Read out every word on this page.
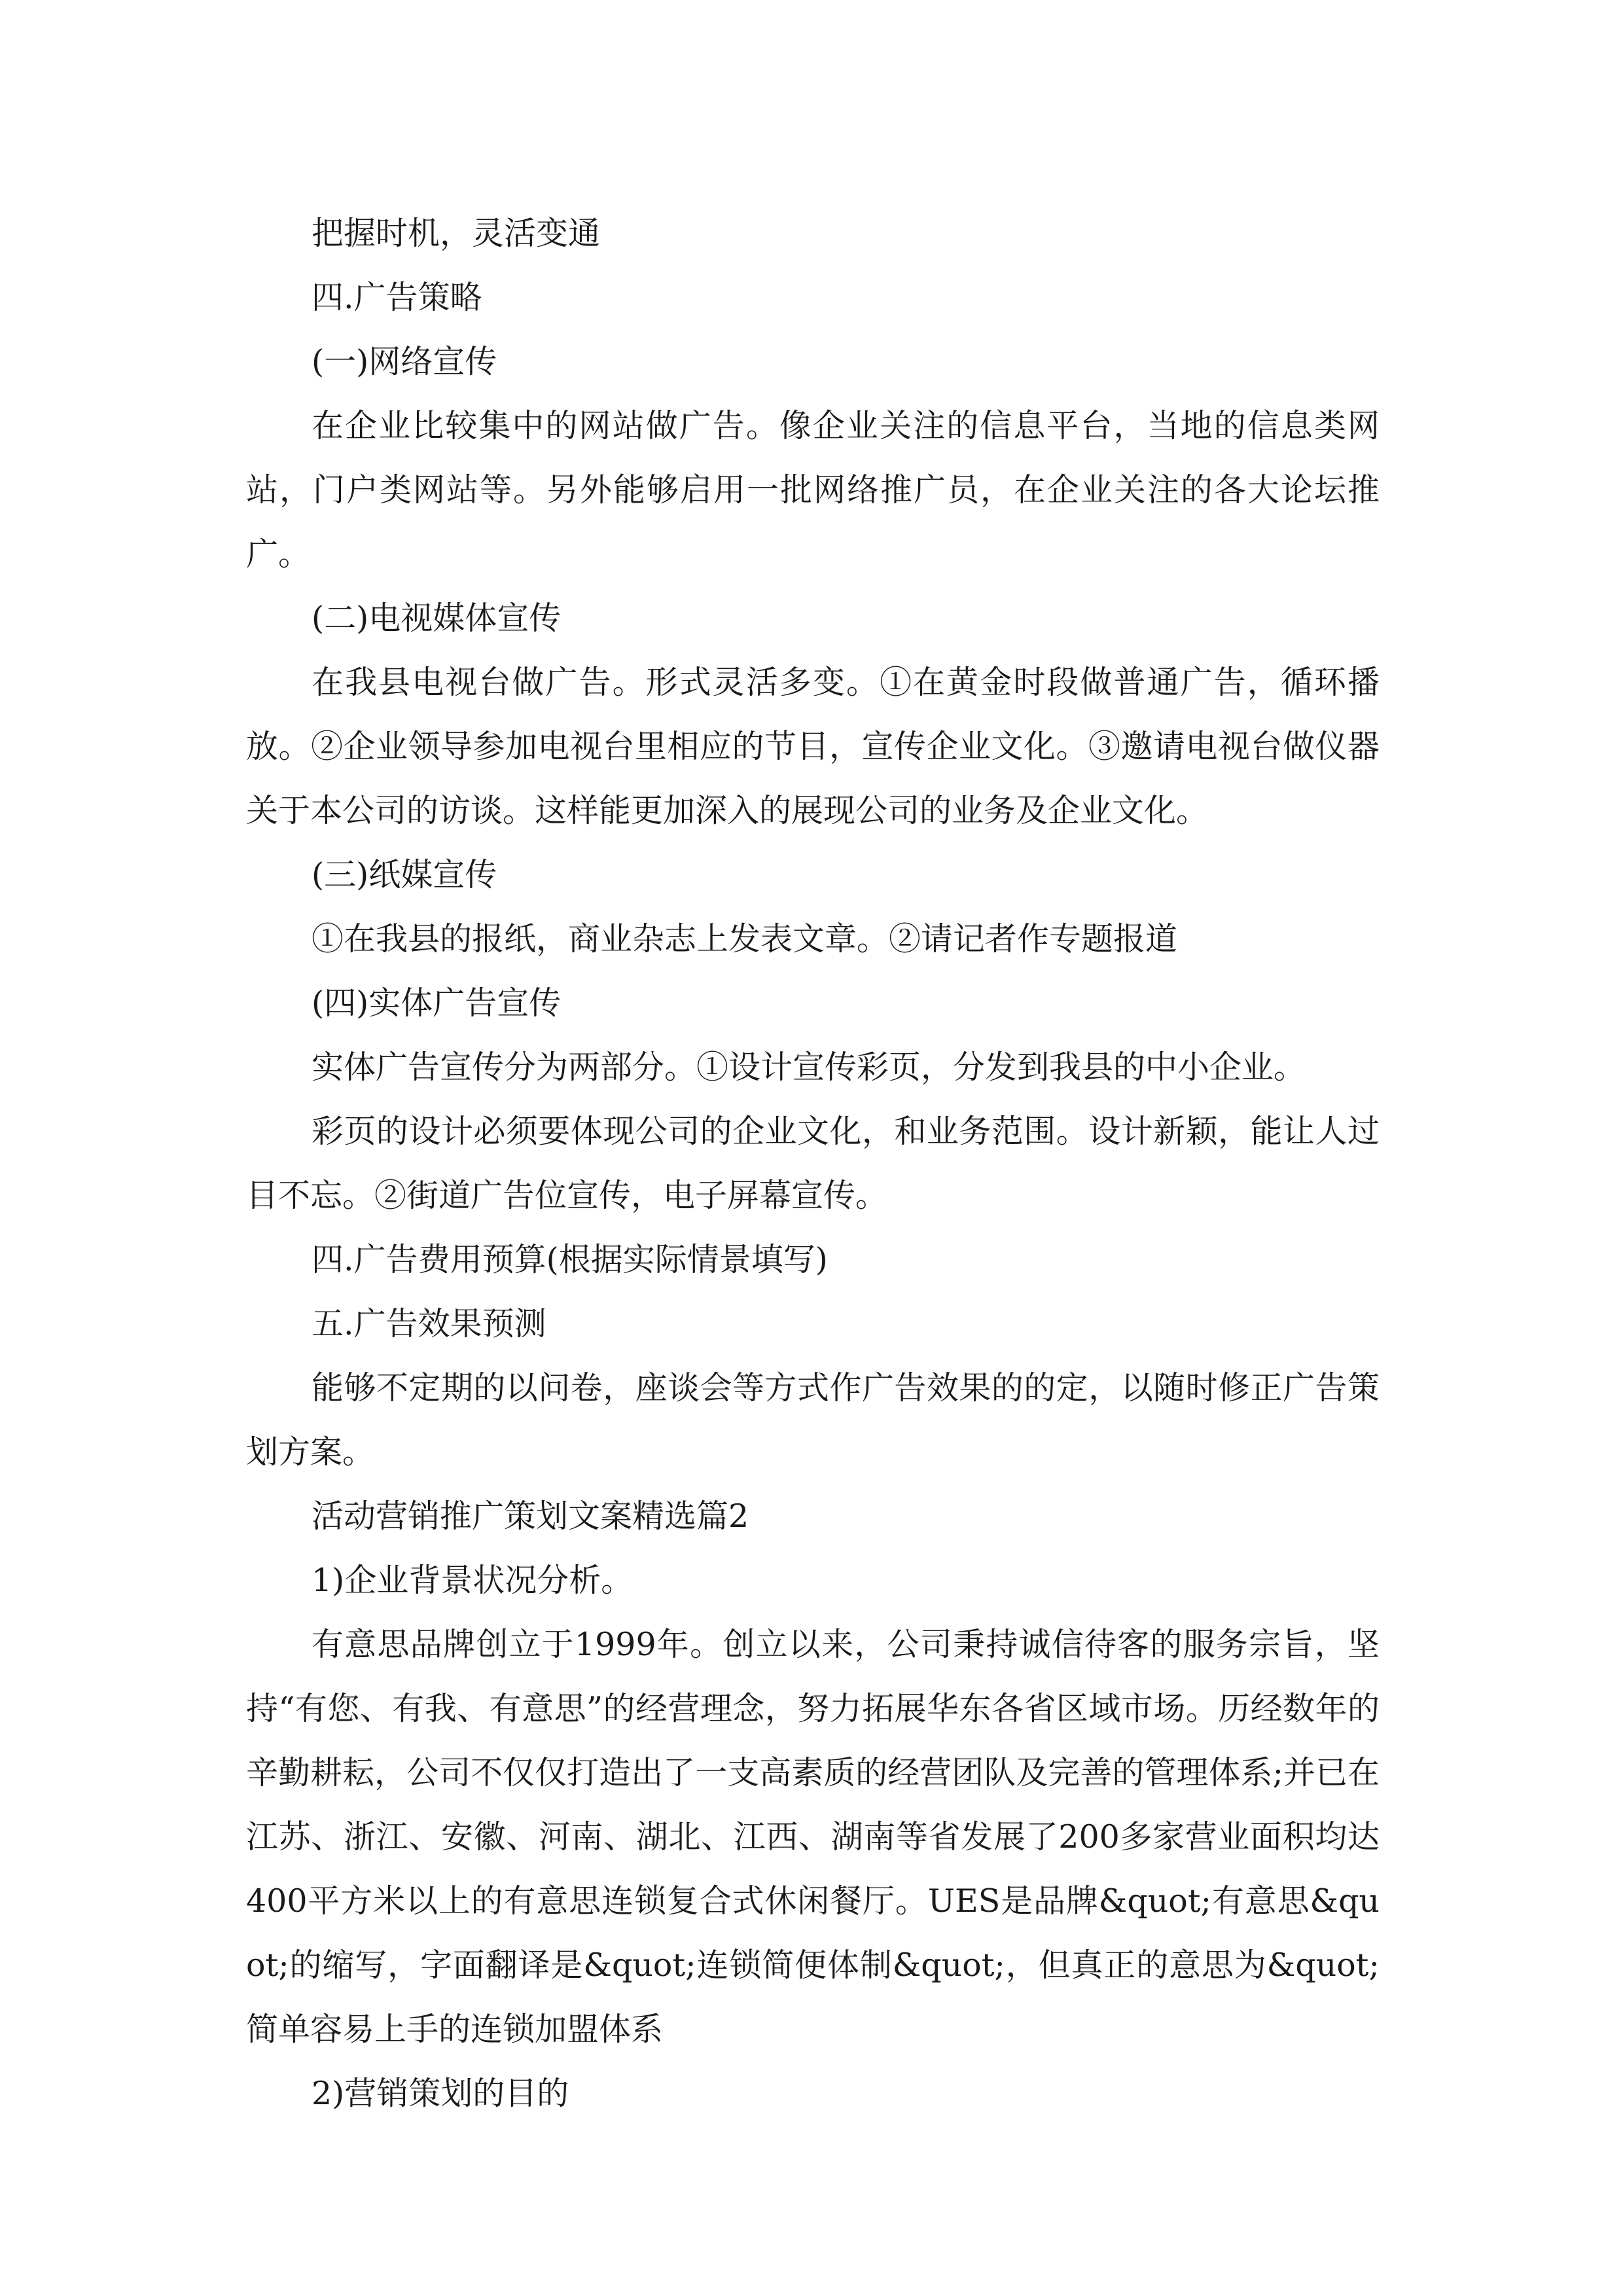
把握时机，灵活变通

四.广告策略

(一)网络宣传

在企业比较集中的网站做广告。像企业关注的信息平台，当地的信息类网站，门户类网站等。另外能够启用一批网络推广员，在企业关注的各大论坛推广。

(二)电视媒体宣传

在我县电视台做广告。形式灵活多变。①在黄金时段做普通广告，循环播放。②企业领导参加电视台里相应的节目，宣传企业文化。③邀请电视台做仪器关于本公司的访谈。这样能更加深入的展现公司的业务及企业文化。

(三)纸媒宣传

①在我县的报纸，商业杂志上发表文章。②请记者作专题报道

(四)实体广告宣传

实体广告宣传分为两部分。①设计宣传彩页，分发到我县的中小企业。

彩页的设计必须要体现公司的企业文化，和业务范围。设计新颖，能让人过目不忘。②街道广告位宣传，电子屏幕宣传。

四.广告费用预算(根据实际情景填写)

五.广告效果预测

能够不定期的以问卷，座谈会等方式作广告效果的的定，以随时修正广告策划方案。

活动营销推广策划文案精选篇2

1)企业背景状况分析。

有意思品牌创立于1999年。创立以来，公司秉持诚信待客的服务宗旨，坚持“有您、有我、有意思”的经营理念，努力拓展华东各省区域市场。历经数年的辛勤耕耘，公司不仅仅打造出了一支高素质的经营团队及完善的管理体系;并已在江苏、浙江、安徽、河南、湖北、江西、湖南等省发展了200多家营业面积均达400平方米以上的有意思连锁复合式休闲餐厅。UES是品牌&quot;有意思&quot;的缩写，字面翻译是&quot;连锁简便体制&quot;，但真正的意思为&quot;简单容易上手的连锁加盟体系

2)营销策划的目的
